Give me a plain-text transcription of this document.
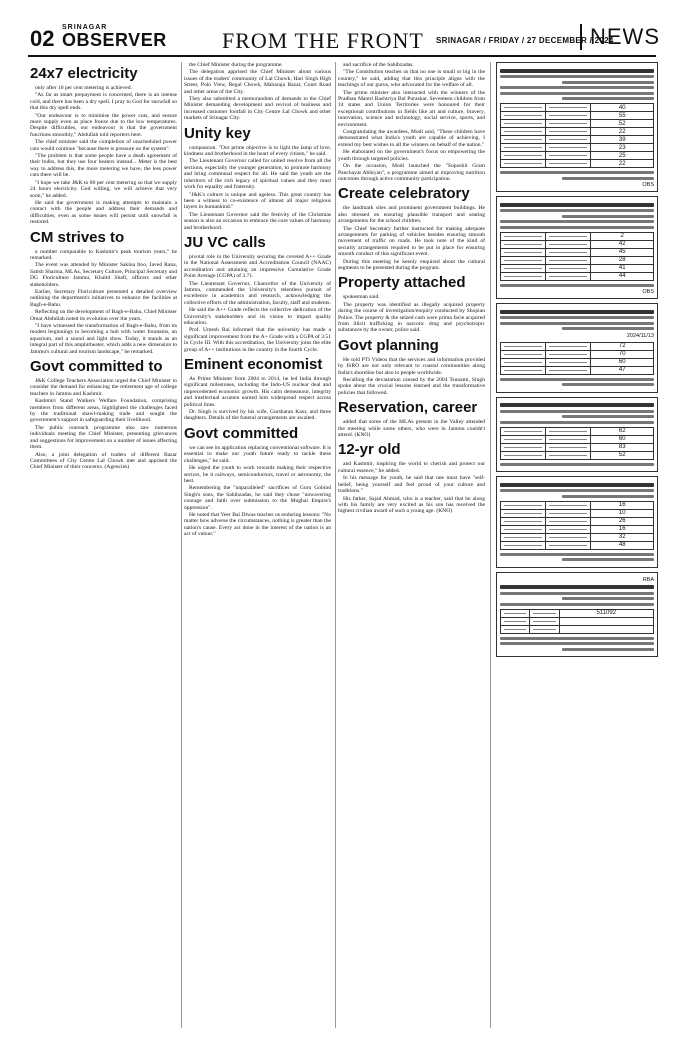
02 SRINAGAR
OBSERVER	FROM THE FRONT SRINAGAR / FRIDAY / 27 DECEMBER / 2024
NEWS
24x7 electricity

only after 10 per cent metering is achieved.

"As far as smart prepayment is concerned, there is an intense cold, and there has been a dry spell. I pray to God for snowfall so that this dry spell ends.

"Our endeavour is to minimise the power cuts, and ensure more supply even as place freeze due to the low temperatures. Despite difficulties, our endeavour is that the government functions smoothly," Abdullah told reporters here.

The chief minister said the completion of unscheduled power cuts would continue "because there is pressure on the system".

"The problem is that some people have a death agreement of their bulbs, but they use four heaters instead... Meter is the best way to address this, the more metering we have, the less power cuts there will be.

"I hope we take J&K to 80 per cent metering so that we supply 24 hours electricity. God willing, we will achieve that very soon," he added.

He said the government is making attempts to maintain a contact with the people and address their demands and difficulties, even as some issues will persist until snowfall is restored.

CM strives to

a number comparable to Kashmir's peak tourism years," he remarked.

The event was attended by Minister Sakina Itoo, Javed Rana, Satish Sharma, MLAs, Secretary Culture, Principal Secretary and DG Floriculture Jammu, Khalid Shafi, officers and other stakeholders.

Earlier, Secretary Floriculture presented a detailed overview outlining the department's initiatives to enhance the facilities at Bagh-e-Bahu.

Reflecting on the development of Bagh-e-Bahu, Chief Minister Omar Abdullah noted its evolution over the years.

"I have witnessed the transformation of Bagh-e-Bahu, from its modest beginnings to becoming a hub with water fountains, an aquarium, and a sound and light show. Today, it stands as an integral part of this amphitheater, which adds a new dimension to Jammu's cultural and tourism landscape," he remarked.

Govt committed to

J&K College Teachers Association urged the Chief Minister to consider the demand for enhancing the retirement age of college teachers in Jammu and Kashmir.

Kashmiri Stand Walkers Welfare Foundation, comprising members from different areas, highlighted the challenges faced by the traditional shawl-making trade and sought the government's support in safeguarding their livelihood.

The public outreach programme also saw numerous individuals meeting the Chief Minister, presenting grievances and suggestions for improvement on a number of issues affecting them.

Also, a joint delegation of traders of different Bazar Committees of City Centre Lal Chowk met and apprised the Chief Minister of their concerns. (Agencies)

the Chief Minister during the programme.

The delegation apprised the Chief Minister about various issues of the traders' community of Lal Chowk, Hari Singh High Street, Polo View, Regal Chowk, Maharaja Bazar, Court Road and other areas of the City.

They also submitted a memorandum of demands to the Chief Minister demanding development and revival of business and increased customer footfall in City Centre Lal Chowk and other markets of Srinagar City.

Unity key

compassion. "Our prime objective is to light the lamp of love, kindness and brotherhood in the heart of every citizen," he said.

The Lieutenant Governor called for united resolve from all the sections, especially the younger generation, to promote harmony and bring communal respect for all. He said the youth are the inheritors of the rich legacy of spiritual values and they must work for equality and fraternity.

"J&K's culture is unique and ageless. This great country has been a witness to co-existence of almost all major religious layers in humankind."

The Lieutenant Governor said the festivity of the Christmas season is also an occasion to embrace the core values of harmony and brotherhood.

JU VC calls

pivotal role in the University securing the coveted A++ Grade in the National Assessment and Accreditation Council (NAAC) accreditation and attaining an impressive Cumulative Grade Point Average (CGPA) of 3.71.

The Lieutenant Governor, Chancellor of the University of Jammu, commended the University's relentless pursuit of excellence in academics and research, acknowledging the collective efforts of the administration, faculty, staff and students.

He said the A++ Grade reflects the collective dedication of the University's stakeholders and its vision to impart quality education.

Prof. Umesh Rai informed that the university has made a significant improvement from the A+ Grade with a CGPA of 3.51 in Cycle III. With this accreditation, the University joins the elite group of A++ institutions in the country in the fourth Cycle.

Eminent economist

As Prime Minister from 2004 to 2014, he led India through significant milestones, including the Indo-US nuclear deal and unprecedented economic growth. His calm demeanour, integrity and intellectual acumen earned him widespread respect across political lines.

Dr. Singh is survived by his wife, Gursharan Kaur, and three daughters. Details of the funeral arrangements are awaited.

Govt committed

we can see its application replacing conventional software. It is essential to make our youth future ready to tackle these challenges," he said.

He urged the youth to work towards making their respective sectors, be it railways, semiconductors, travel or astronomy, the best.

Remembering the "unparalleled" sacrifices of Guru Gobind Singh's sons, the Sahibzadas, he said they chose "unwavering courage and faith over submission to the Mughal Empire's oppression".

He noted that Veer Bal Diwas teaches us enduring lessons: "No matter how adverse the circumstances, nothing is greater than the nation's cause. Every act done in the interest of the nation is an act of valour."

and sacrifice of the Sahibzadas.

"The Constitution teaches us that no one is small or big in the country," he said, adding that this principle aligns with the teachings of our gurus, who advocated for the welfare of all.

The prime minister also interacted with the winners of the Pradhan Mantri Rashtriya Bal Puraskar. Seventeen children from 14 states and Union Territories were honoured for their exceptional contributions in fields like art and culture, bravery, innovation, science and technology, social service, sports, and environment.

Congratulating the awardees, Modi said, "These children have demonstrated what India's youth are capable of achieving. I extend my best wishes to all the winners on behalf of the nation."

He elaborated on the government's focus on empowering the youth through targeted policies.

On the occasion, Modi launched the "Suposhit Gram Panchayat Abhiyan", a programme aimed at improving nutrition outcomes through active community participation.

Create celebratory

the landmark sites and prominent government buildings. He also stressed on ensuring plausible transport and seating arrangements for the school children.

The Chief Secretary further instructed for making adequate arrangements for parking of vehicles besides ensuring smooth movement of traffic on roads. He took note of the kind of security arrangements required to be put in place for ensuring smooth conduct of this significant event.

During this meeting he keenly enquired about the cultural segments to be presented during the program.

Property attached

spokesman said.

The property was identified as illegally acquired property during the course of investigation/enquiry conducted by Shopian Police. The property & the seized cash were prima facie acquired from illicit trafficking in narcotic drug and psychotropic substances by the owner, police said.

Govt planning

He told PTI Videos that the services and information provided by ISRO are not only relevant to coastal communities along India's shoreline but also to people worldwide.

Recalling the devastation caused by the 2004 Tsunami, Singh spoke about the crucial lessons learned and the transformative policies that followed.

Reservation, career

added that some of the MLAs present in the Valley attended the meeting while some others, who were in Jammu couldn't attend. (KNO)

12-yr old

and Kashmir, inspiring the world to cherish and protect our cultural essence," he added.

In his message for youth, he said that one must have "self-belief, being yourself and feel proud of your culture and traditions."

His father, Sajad Ahmad, who is a teacher, said that he along with his family are very excited as his son has received the highest civilian award of such a young age. (KNO)

		40
		55
		52
		22
		39
		23
		25
		22
OBS
		2
		42
		45
		28
		41
		44
OBS
2024/11/13
		72
		70
		60
		47
		62
		60
		83
		52
		16
		10
		26
		16
		32
		48
RBA
		511092
